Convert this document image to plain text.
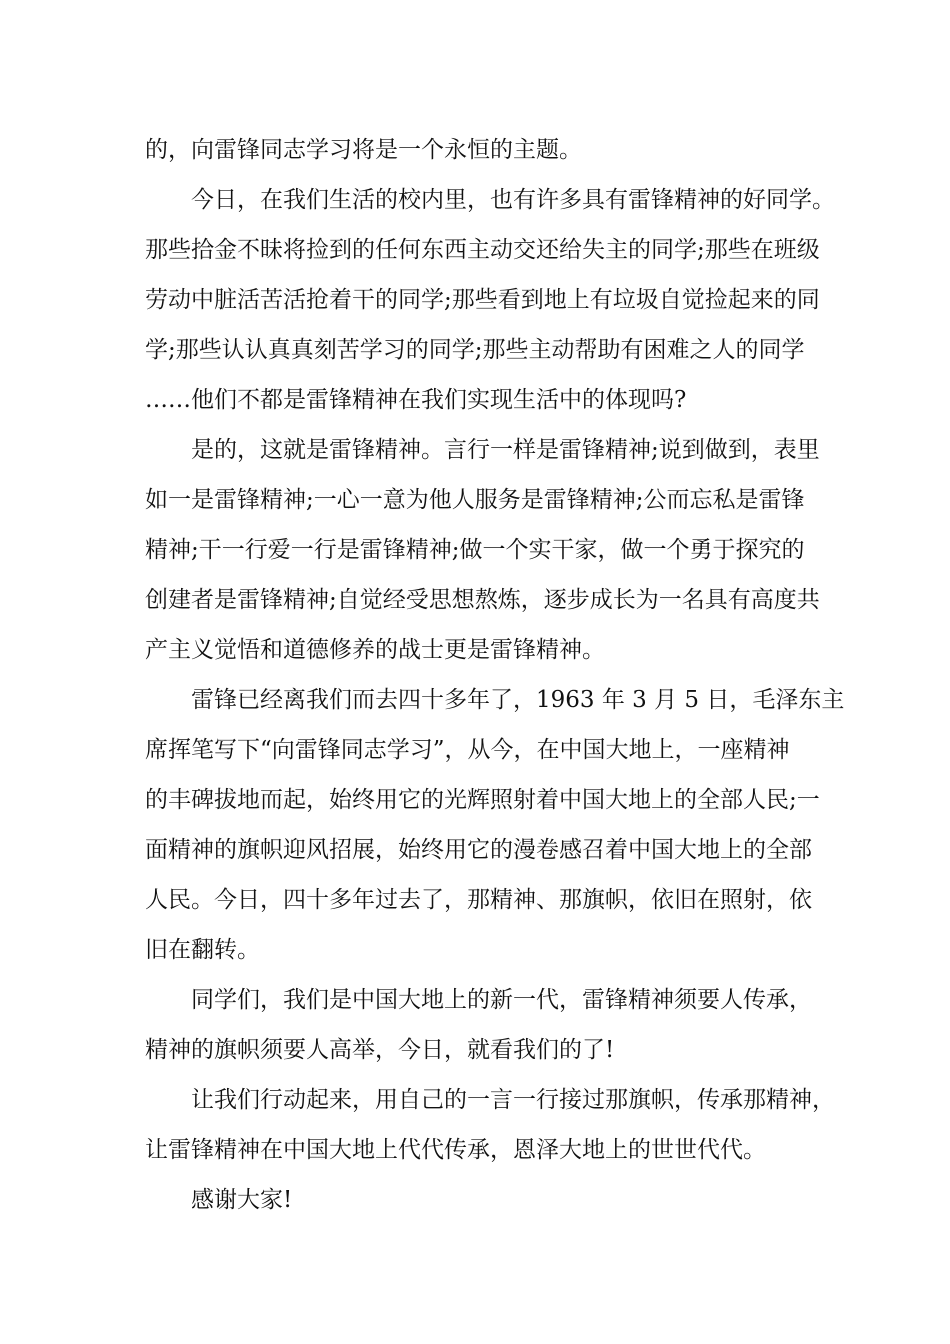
的，向雷锋同志学习将是一个永恒的主题。

今日，在我们生活的校内里，也有许多具有雷锋精神的好同学。

那些拾金不昧将捡到的任何东西主动交还给失主的同学;那些在班级

劳动中脏活苦活抢着干的同学;那些看到地上有垃圾自觉捡起来的同

学;那些认认真真刻苦学习的同学;那些主动帮助有困难之人的同学

……他们不都是雷锋精神在我们实现生活中的体现吗?

是的，这就是雷锋精神。言行一样是雷锋精神;说到做到，表里

如一是雷锋精神;一心一意为他人服务是雷锋精神;公而忘私是雷锋

精神;干一行爱一行是雷锋精神;做一个实干家，做一个勇于探究的

创建者是雷锋精神;自觉经受思想熬炼，逐步成长为一名具有高度共

产主义觉悟和道德修养的战士更是雷锋精神。

雷锋已经离我们而去四十多年了，1963 年 3 月 5 日，毛泽东主

席挥笔写下“向雷锋同志学习”，从今，在中国大地上，一座精神

的丰碑拔地而起，始终用它的光辉照射着中国大地上的全部人民;一

面精神的旗帜迎风招展，始终用它的漫卷感召着中国大地上的全部

人民。今日，四十多年过去了，那精神、那旗帜，依旧在照射，依

旧在翻转。

同学们，我们是中国大地上的新一代，雷锋精神须要人传承，

精神的旗帜须要人高举，今日，就看我们的了!

让我们行动起来，用自己的一言一行接过那旗帜，传承那精神，

让雷锋精神在中国大地上代代传承，恩泽大地上的世世代代。

感谢大家!
